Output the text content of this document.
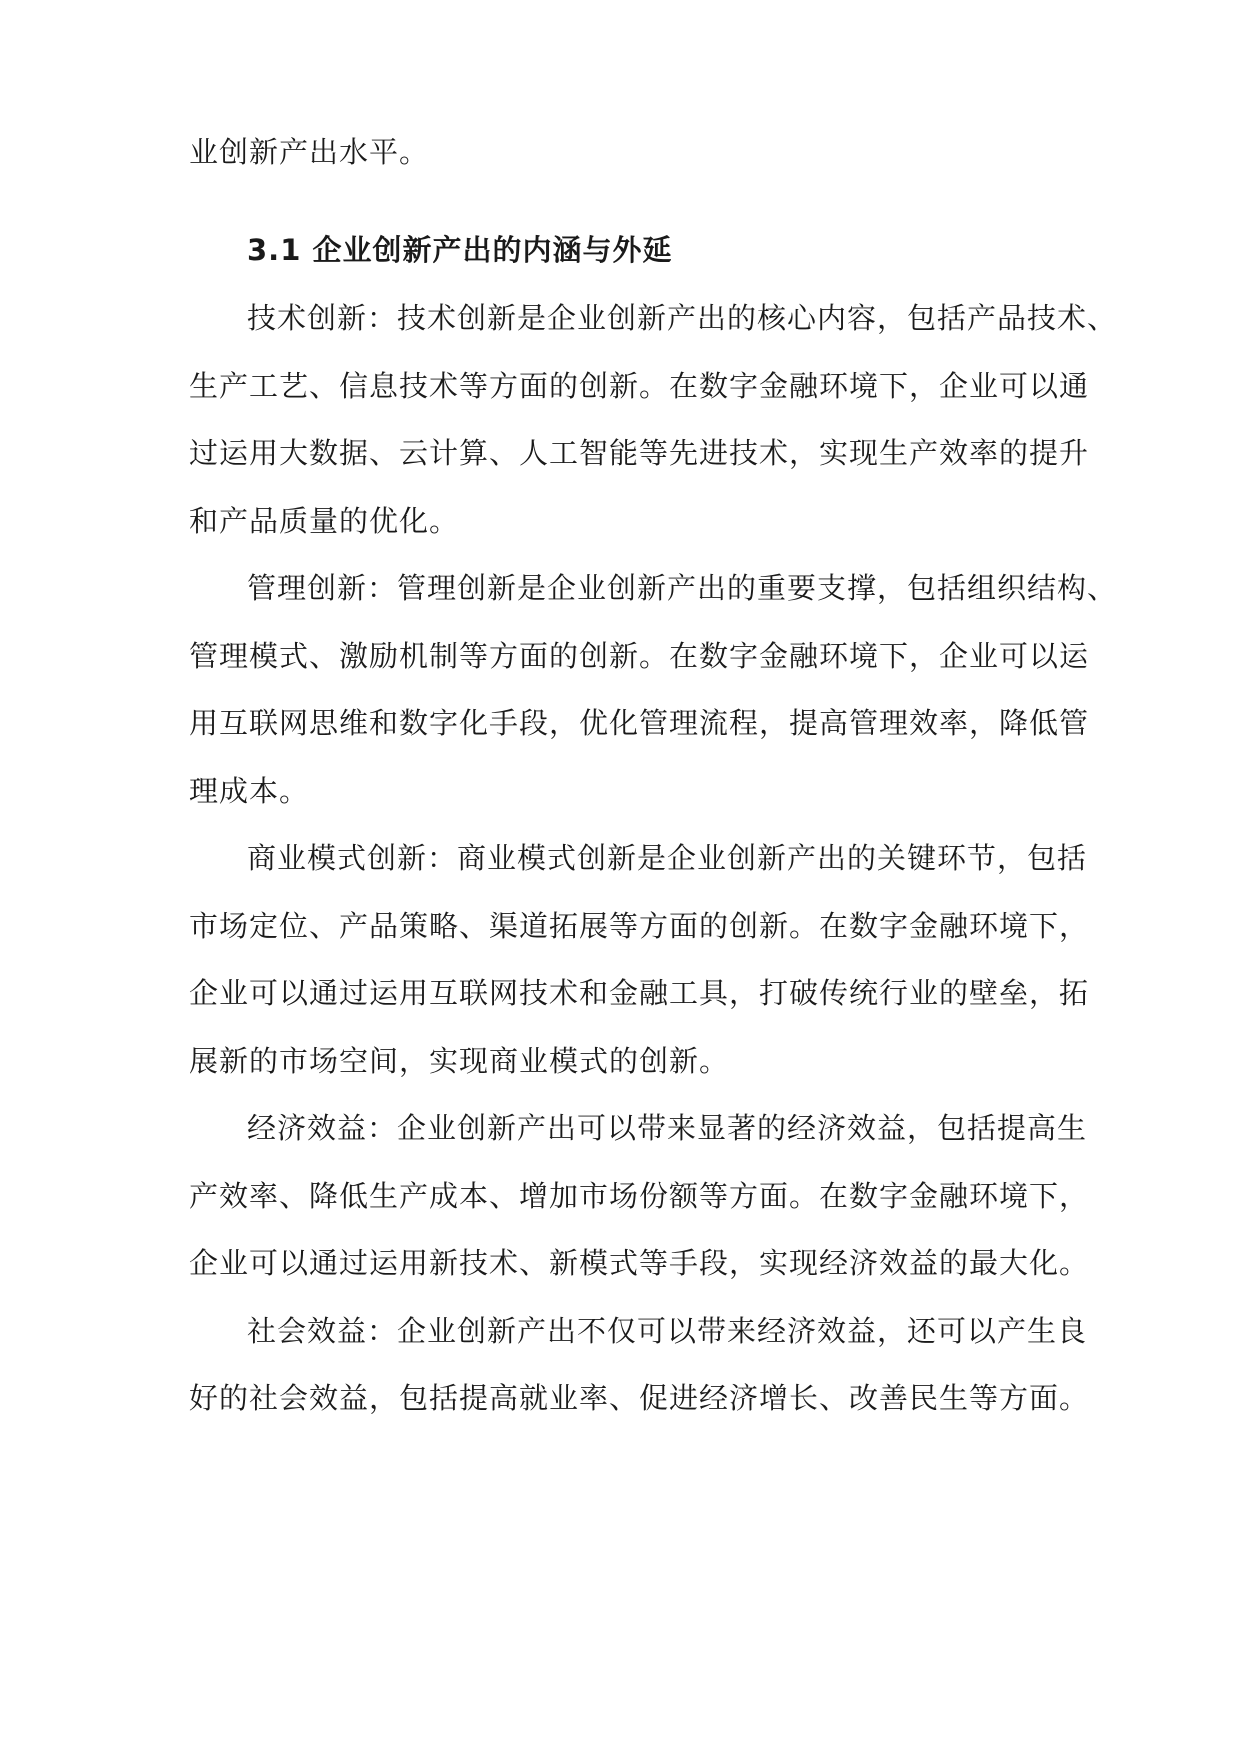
业创新产出水平。
3.1 企业创新产出的内涵与外延
技术创新：技术创新是企业创新产出的核心内容，包括产品技术、
生产工艺、信息技术等方面的创新。在数字金融环境下，企业可以通
过运用大数据、云计算、人工智能等先进技术，实现生产效率的提升
和产品质量的优化。
管理创新：管理创新是企业创新产出的重要支撑，包括组织结构、
管理模式、激励机制等方面的创新。在数字金融环境下，企业可以运
用互联网思维和数字化手段，优化管理流程，提高管理效率，降低管
理成本。
商业模式创新：商业模式创新是企业创新产出的关键环节，包括
市场定位、产品策略、渠道拓展等方面的创新。在数字金融环境下，
企业可以通过运用互联网技术和金融工具，打破传统行业的壁垒，拓
展新的市场空间，实现商业模式的创新。
经济效益：企业创新产出可以带来显著的经济效益，包括提高生
产效率、降低生产成本、增加市场份额等方面。在数字金融环境下，
企业可以通过运用新技术、新模式等手段，实现经济效益的最大化。
社会效益：企业创新产出不仅可以带来经济效益，还可以产生良
好的社会效益，包括提高就业率、促进经济增长、改善民生等方面。
